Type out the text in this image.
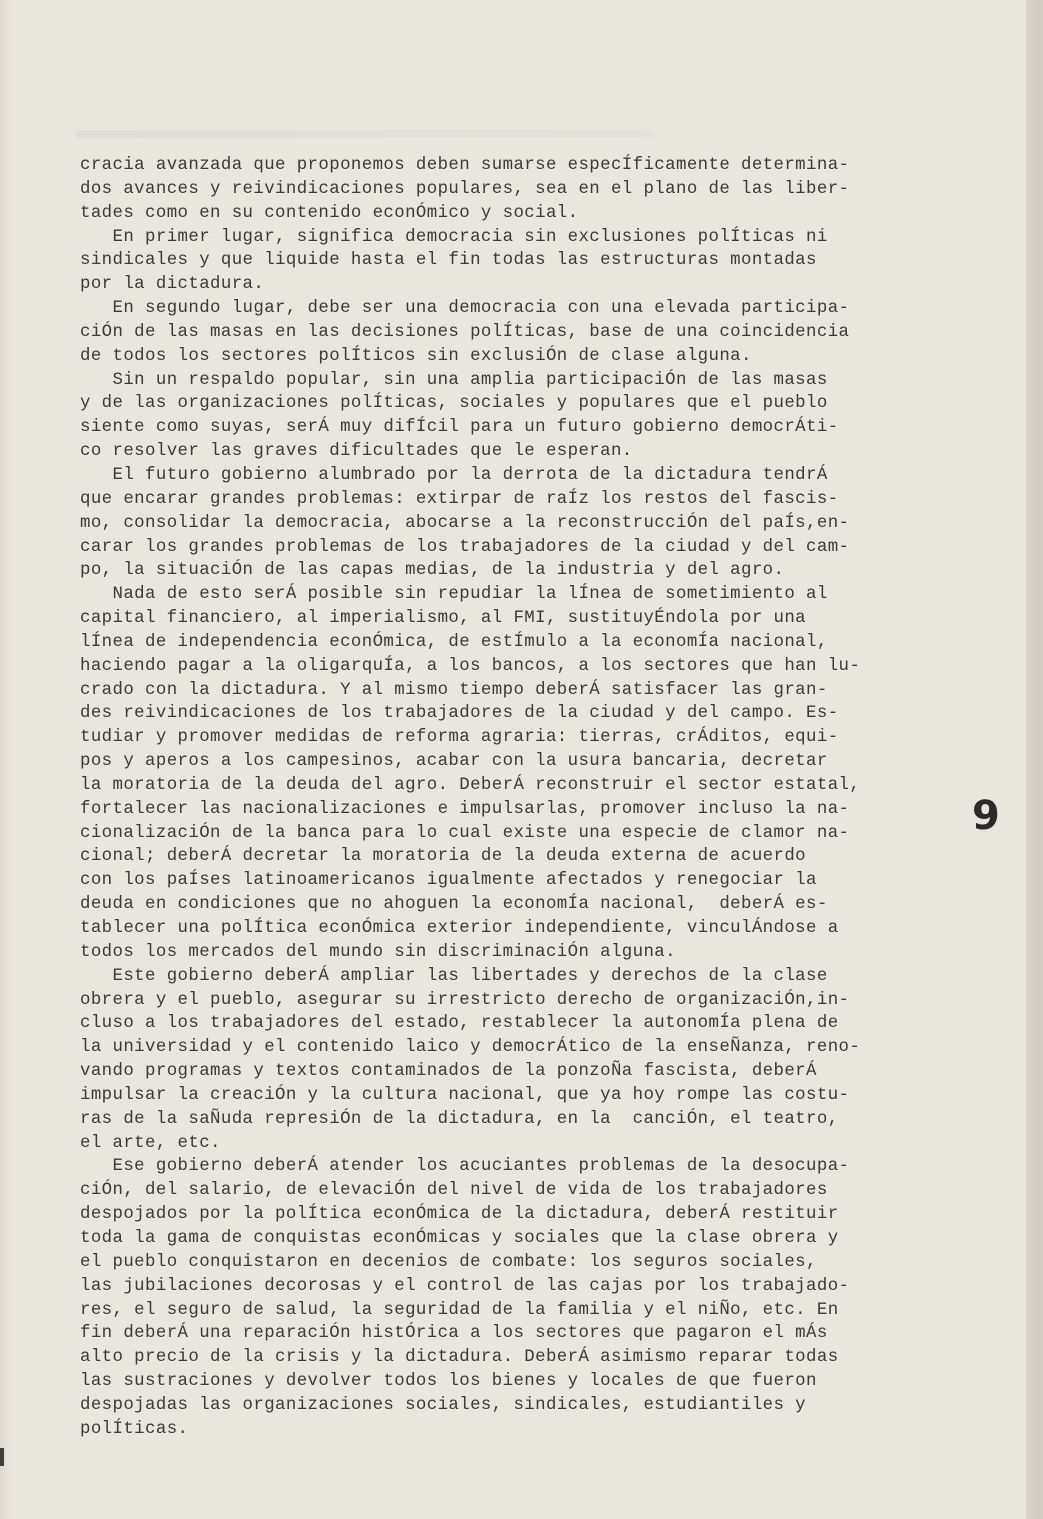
cracia avanzada que proponemos deben sumarse especÍficamente determina-
dos avances y reivindicaciones populares, sea en el plano de las liber-
tades como en su contenido econÓmico y social.
En primer lugar, significa democracia sin exclusiones polÍticas ni
sindicales y que liquide hasta el fin todas las estructuras montadas
por la dictadura.
En segundo lugar, debe ser una democracia con una elevada participa-
ciÓn de las masas en las decisiones polÍticas, base de una coincidencia
de todos los sectores polÍticos sin exclusiÓn de clase alguna.
Sin un respaldo popular, sin una amplia participaciÓn de las masas
y de las organizaciones polÍticas, sociales y populares que el pueblo
siente como suyas, serÁ muy difÍcil para un futuro gobierno democrÁti-
co resolver las graves dificultades que le esperan.
El futuro gobierno alumbrado por la derrota de la dictadura tendrÁ
que encarar grandes problemas: extirpar de raÍz los restos del fascis-
mo, consolidar la democracia, abocarse a la reconstrucciÓn del paÍs,en-
carar los grandes problemas de los trabajadores de la ciudad y del cam-
po, la situaciÓn de las capas medias, de la industria y del agro.
Nada de esto serÁ posible sin repudiar la lÍnea de sometimiento al
capital financiero, al imperialismo, al FMI, sustituyÉndola por una
lÍnea de independencia econÓmica, de estÍmulo a la economÍa nacional,
haciendo pagar a la oligarquÍa, a los bancos, a los sectores que han lu-
crado con la dictadura. Y al mismo tiempo deberÁ satisfacer las gran-
des reivindicaciones de los trabajadores de la ciudad y del campo. Es-
tudiar y promover medidas de reforma agraria: tierras, crÁditos, equi-
pos y aperos a los campesinos, acabar con la usura bancaria, decretar
la moratoria de la deuda del agro. DeberÁ reconstruir el sector estatal,
fortalecer las nacionalizaciones e impulsarlas, promover incluso la na-
cionalizaciÓn de la banca para lo cual existe una especie de clamor na-
cional; deberÁ decretar la moratoria de la deuda externa de acuerdo
con los paÍses latinoamericanos igualmente afectados y renegociar la
deuda en condiciones que no ahoguen la economÍa nacional,  deberÁ es-
tablecer una polÍtica econÓmica exterior independiente, vinculÁndose a
todos los mercados del mundo sin discriminaciÓn alguna.
Este gobierno deberÁ ampliar las libertades y derechos de la clase
obrera y el pueblo, asegurar su irrestricto derecho de organizaciÓn,in-
cluso a los trabajadores del estado, restablecer la autonomÍa plena de
la universidad y el contenido laico y democrÁtico de la enseÑanza, reno-
vando programas y textos contaminados de la ponzoÑa fascista, deberÁ
impulsar la creaciÓn y la cultura nacional, que ya hoy rompe las costu-
ras de la saÑuda represiÓn de la dictadura, en la  canciÓn, el teatro,
el arte, etc.
Ese gobierno deberÁ atender los acuciantes problemas de la desocupa-
ciÓn, del salario, de elevaciÓn del nivel de vida de los trabajadores
despojados por la polÍtica econÓmica de la dictadura, deberÁ restituir
toda la gama de conquistas econÓmicas y sociales que la clase obrera y
el pueblo conquistaron en decenios de combate: los seguros sociales,
las jubilaciones decorosas y el control de las cajas por los trabajado-
res, el seguro de salud, la seguridad de la familia y el niÑo, etc. En
fin deberÁ una reparaciÓn histÓrica a los sectores que pagaron el mÁs
alto precio de la crisis y la dictadura. DeberÁ asimismo reparar todas
las sustraciones y devolver todos los bienes y locales de que fueron
despojadas las organizaciones sociales, sindicales, estudiantiles y
polÍticas.
9
